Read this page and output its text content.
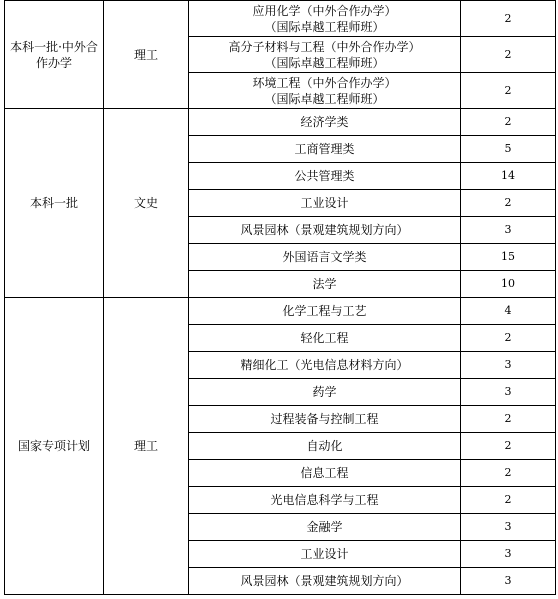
本科一批·中外合作办学	理工	应用化学（中外合作办学）
（国际卓越工程师班）	2

		高分子材料与工程（中外合作办学）
（国际卓越工程师班）	2

		环境工程（中外合作办学）
（国际卓越工程师班）	2
本科一批	文史	经济学类	2

		工商管理类	5

		公共管理类	14

		工业设计	2

		风景园林（景观建筑规划方向）	3

		外国语言文学类	15

		法学	10
国家专项计划	理工	化学工程与工艺	4

		轻化工程	2

		精细化工（光电信息材料方向）	3

		药学	3

		过程装备与控制工程	2

		自动化	2

		信息工程	2

		光电信息科学与工程	2

		金融学	3

		工业设计	3

		风景园林（景观建筑规划方向）	3
